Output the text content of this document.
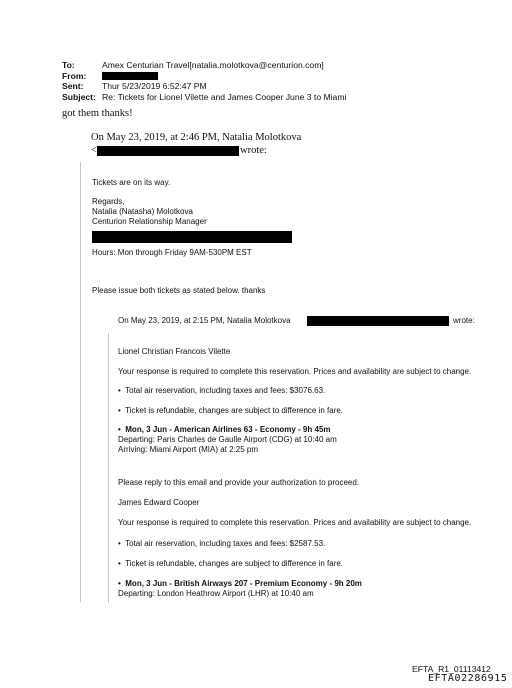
To:	Amex Centurian Travel[natalia.molotkova@centurion.com]
From:
Sent: Thur 5/23/2019 6:52:47 PM
Subject: Re: Tickets for Lionel Vilette and James Cooper June 3 to Miami
got them thanks!
On May 23, 2019, at 2:46 PM, Natalia Molotkova
<	wrote:
Tickets are on its way.
Regards,
Natalia (Natasha) Molotkova
Centurion Relationship Manager
Hours: Mon through Friday 9AM-530PM EST
Please issue both tickets as stated below. thanks
On May 23, 2019, at 2:15 PM, Natalia Molotkova	wrote:
Lionel Christian Francois Vilette
Your response is required to complete this reservation. Prices and availability are subject to change.
• Total air reservation, including taxes and fees: $3076.63.
• Ticket is refundable, changes are subject to difference in fare.
• Mon, 3 Jun - American Airlines 63 - Economy - 9h 45m
Departing: Paris Charles de Gaulle Airport (CDG) at 10:40 am
Arriving: Miami Airport (MIA) at 2:25 pm
Please reply to this email and provide your authorization to proceed.
James Edward Cooper
Your response is required to complete this reservation. Prices and availability are subject to change.
• Total air reservation, including taxes and fees: $2587.53.
• Ticket is refundable, changes are subject to difference in fare.
• Mon, 3 Jun - British Airways 207 - Premium Economy - 9h 20m
Departing: London Heathrow Airport (LHR) at 10:40 am
EFTA_R1_01113412
EFTA02286915
